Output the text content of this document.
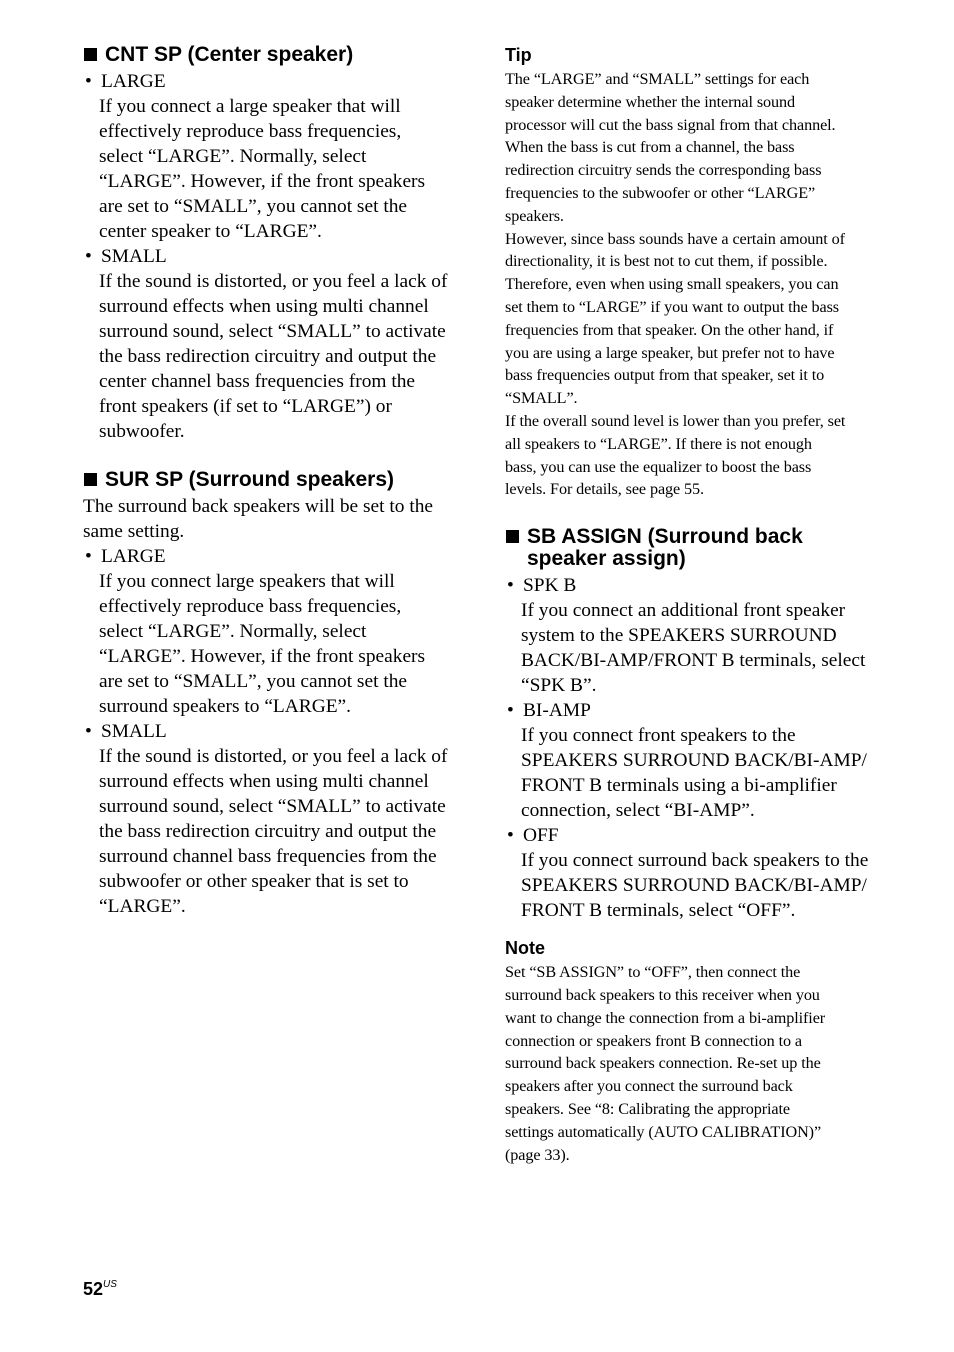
CNT SP (Center speaker)
• LARGE
If you connect a large speaker that will
effectively reproduce bass frequencies,
select “LARGE”. Normally, select
“LARGE”. However, if the front speakers
are set to “SMALL”, you cannot set the
center speaker to “LARGE”.
• SMALL
If the sound is distorted, or you feel a lack of
surround effects when using multi channel
surround sound, select “SMALL” to activate
the bass redirection circuitry and output the
center channel bass frequencies from the
front speakers (if set to “LARGE”) or
subwoofer.
SUR SP (Surround speakers)
The surround back speakers will be set to the
same setting.
• LARGE
If you connect large speakers that will
effectively reproduce bass frequencies,
select “LARGE”. Normally, select
“LARGE”. However, if the front speakers
are set to “SMALL”, you cannot set the
surround speakers to “LARGE”.
• SMALL
If the sound is distorted, or you feel a lack of
surround effects when using multi channel
surround sound, select “SMALL” to activate
the bass redirection circuitry and output the
surround channel bass frequencies from the
subwoofer or other speaker that is set to
“LARGE”.
Tip
The “LARGE” and “SMALL” settings for each
speaker determine whether the internal sound
processor will cut the bass signal from that channel.
When the bass is cut from a channel, the bass
redirection circuitry sends the corresponding bass
frequencies to the subwoofer or other “LARGE”
speakers.
However, since bass sounds have a certain amount of
directionality, it is best not to cut them, if possible.
Therefore, even when using small speakers, you can
set them to “LARGE” if you want to output the bass
frequencies from that speaker. On the other hand, if
you are using a large speaker, but prefer not to have
bass frequencies output from that speaker, set it to
“SMALL”.
If the overall sound level is lower than you prefer, set
all speakers to “LARGE”. If there is not enough
bass, you can use the equalizer to boost the bass
levels. For details, see page 55.
SB ASSIGN (Surround back
speaker assign)
• SPK B
If you connect an additional front speaker
system to the SPEAKERS SURROUND
BACK/BI-AMP/FRONT B terminals, select
“SPK B”.
• BI-AMP
If you connect front speakers to the
SPEAKERS SURROUND BACK/BI-AMP/
FRONT B terminals using a bi-amplifier
connection, select “BI-AMP”.
• OFF
If you connect surround back speakers to the
SPEAKERS SURROUND BACK/BI-AMP/
FRONT B terminals, select “OFF”.
Note
Set “SB ASSIGN” to “OFF”, then connect the
surround back speakers to this receiver when you
want to change the connection from a bi-amplifier
connection or speakers front B connection to a
surround back speakers connection. Re-set up the
speakers after you connect the surround back
speakers. See “8: Calibrating the appropriate
settings automatically (AUTO CALIBRATION)”
(page 33).
$52^{US}$
